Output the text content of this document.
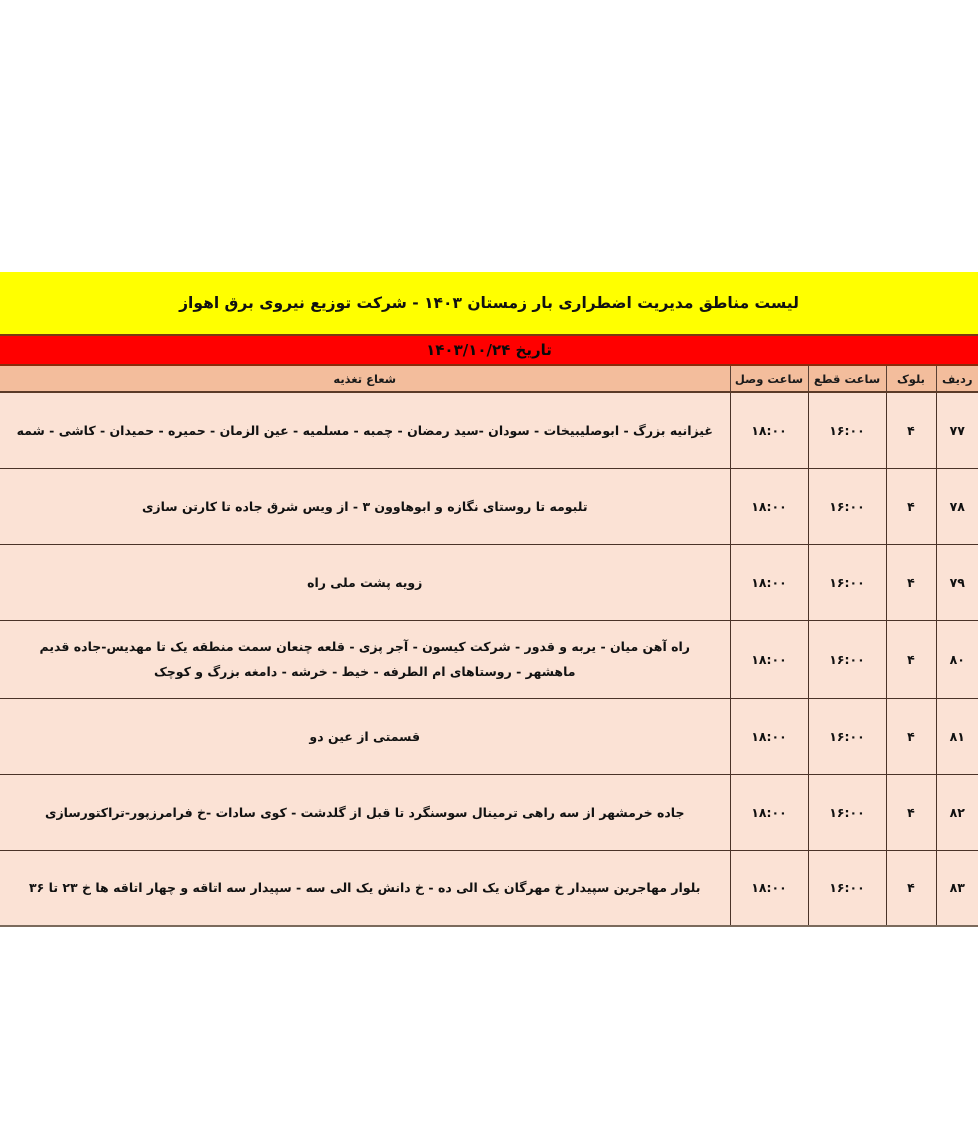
لیست مناطق مدیریت اضطراری بار زمستان ۱۴۰۳ - شرکت توزیع نیروی برق اهواز
تاریخ ۱۴۰۳/۱۰/۲۴
ردیف	بلوک	ساعت قطع	ساعت وصل	شعاع تغذیه
۷۷	۴	۱۶:۰۰	۱۸:۰۰	غیزانیه بزرگ - ابوصلیبیخات - سودان -سید رمضان - چمبه - مسلمیه - عین الزمان - حمیره - حمیدان - کاشی - شمه
۷۸	۴	۱۶:۰۰	۱۸:۰۰	تلبومه تا روستای نگازه و ابوهاوون ۳ - از ویس شرق جاده تا کارتن سازی
۷۹	۴	۱۶:۰۰	۱۸:۰۰	زویه پشت ملی راه
۸۰	۴	۱۶:۰۰	۱۸:۰۰	راه آهن میان - یربه و قدور - شرکت کیسون - آجر پزی - قلعه چنعان سمت منطقه یک تا مهدیس-جاده قدیم ماهشهر - روستاهای ام الطرفه - خیط - خرشه - دامغه بزرگ و کوچک
۸۱	۴	۱۶:۰۰	۱۸:۰۰	قسمتی از عین دو
۸۲	۴	۱۶:۰۰	۱۸:۰۰	جاده خرمشهر از سه راهی ترمینال سوسنگرد تا قبل از گلدشت - کوی سادات -خ فرامرزپور-تراکتورسازی
۸۳	۴	۱۶:۰۰	۱۸:۰۰	بلوار مهاجرین سپیدار خ مهرگان یک الی ده - خ دانش یک الی سه - سپیدار سه اتاقه و چهار اتاقه ها خ ۲۳ تا ۳۶
